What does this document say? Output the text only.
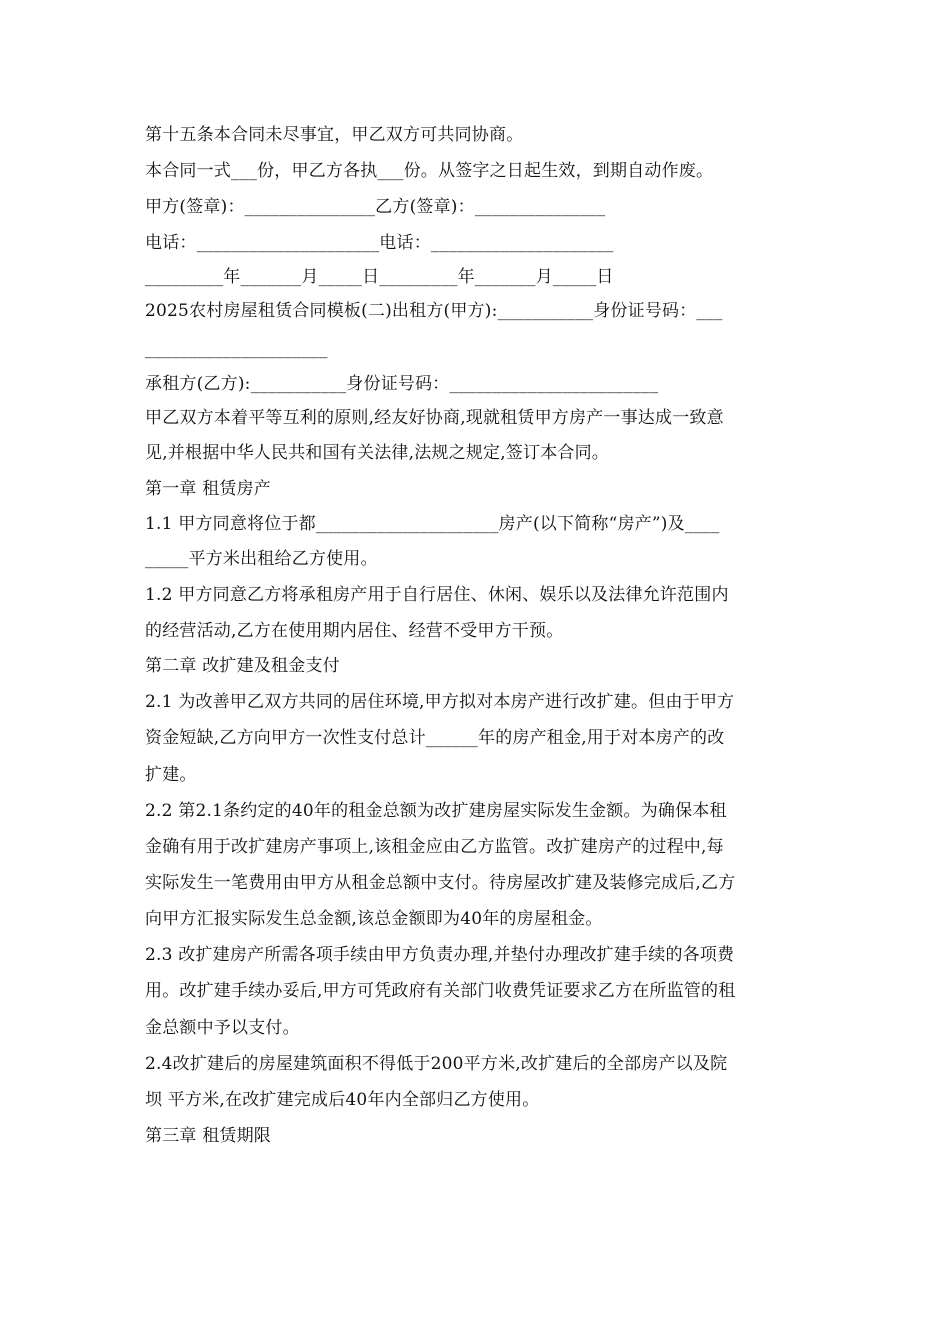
第十五条本合同未尽事宜，甲乙双方可共同协商。
本合同一式___份，甲乙方各执___份。从签字之日起生效，到期自动作废。
甲方(签章)：_______________乙方(签章)：_______________
电话：_____________________电话：_____________________
_________年_______月_____日_________年_______月_____日
2025农村房屋租赁合同模板(二)出租方(甲方):___________身份证号码：___
_____________________
承租方(乙方):___________身份证号码：________________________
甲乙双方本着平等互利的原则,经友好协商,现就租赁甲方房产一事达成一致意
见,并根据中华人民共和国有关法律,法规之规定,签订本合同。
第一章 租赁房产
1.1 甲方同意将位于都_____________________房产(以下简称“房产”)及____
_____平方米出租给乙方使用。
1.2 甲方同意乙方将承租房产用于自行居住、休闲、娱乐以及法律允许范围内
的经营活动,乙方在使用期内居住、经营不受甲方干预。
第二章 改扩建及租金支付
2.1 为改善甲乙双方共同的居住环境,甲方拟对本房产进行改扩建。但由于甲方
资金短缺,乙方向甲方一次性支付总计______年的房产租金,用于对本房产的改
扩建。
2.2 第2.1条约定的40年的租金总额为改扩建房屋实际发生金额。为确保本租
金确有用于改扩建房产事项上,该租金应由乙方监管。改扩建房产的过程中,每
实际发生一笔费用由甲方从租金总额中支付。待房屋改扩建及装修完成后,乙方
向甲方汇报实际发生总金额,该总金额即为40年的房屋租金。
2.3 改扩建房产所需各项手续由甲方负责办理,并垫付办理改扩建手续的各项费
用。改扩建手续办妥后,甲方可凭政府有关部门收费凭证要求乙方在所监管的租
金总额中予以支付。
2.4改扩建后的房屋建筑面积不得低于200平方米,改扩建后的全部房产以及院
坝 平方米,在改扩建完成后40年内全部归乙方使用。
第三章 租赁期限
